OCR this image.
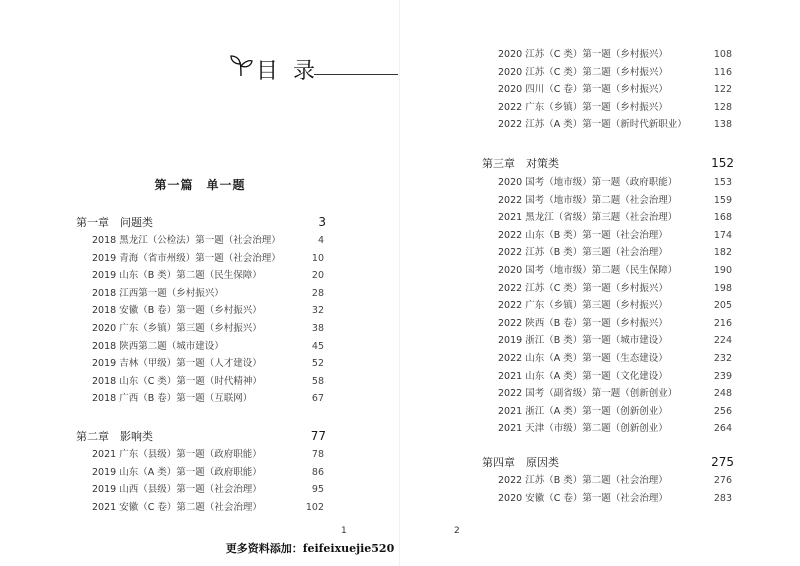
目 录
第一篇　单一题
第一章　问题类	3
2018 黑龙江（公检法）第一题（社会治理）	4
2019 青海（省市州级）第一题（社会治理）	10
2019 山东（B 类）第二题（民生保障）	20
2018 江西第一题（乡村振兴）	28
2018 安徽（B 卷）第一题（乡村振兴）	32
2020 广东（乡镇）第三题（乡村振兴）	38
2018 陕西第二题（城市建设）	45
2019 吉林（甲级）第一题（人才建设）	52
2018 山东（C 类）第一题（时代精神）	58
2018 广西（B 卷）第一题（互联网）	67
第二章　影响类	77
2021 广东（县级）第一题（政府职能）	78
2019 山东（A 类）第一题（政府职能）	86
2019 山西（县级）第一题（社会治理）	95
2021 安徽（C 卷）第二题（社会治理）	102
1
2020 江苏（C 类）第一题（乡村振兴）	108
2020 江苏（C 类）第二题（乡村振兴）	116
2020 四川（C 卷）第一题（乡村振兴）	122
2022 广东（乡镇）第一题（乡村振兴）	128
2022 江苏（A 类）第一题（新时代新职业）	138
第三章　对策类	152
2020 国考（地市级）第一题（政府职能）	153
2022 国考（地市级）第二题（社会治理）	159
2021 黑龙江（省级）第三题（社会治理）	168
2022 山东（B 类）第一题（社会治理）	174
2022 江苏（B 类）第三题（社会治理）	182
2020 国考（地市级）第二题（民生保障）	190
2022 江苏（C 类）第一题（乡村振兴）	198
2022 广东（乡镇）第三题（乡村振兴）	205
2022 陕西（B 卷）第一题（乡村振兴）	216
2019 浙江（B 类）第一题（城市建设）	224
2022 山东（A 类）第一题（生态建设）	232
2021 山东（A 类）第一题（文化建设）	239
2022 国考（副省级）第一题（创新创业）	248
2021 浙江（A 类）第一题（创新创业）	256
2021 天津（市级）第二题（创新创业）	264
第四章　原因类	275
2022 江苏（B 类）第二题（社会治理）	276
2020 安徽（C 卷）第一题（社会治理）	283
2
更多资料添加：feifeixuejie520
